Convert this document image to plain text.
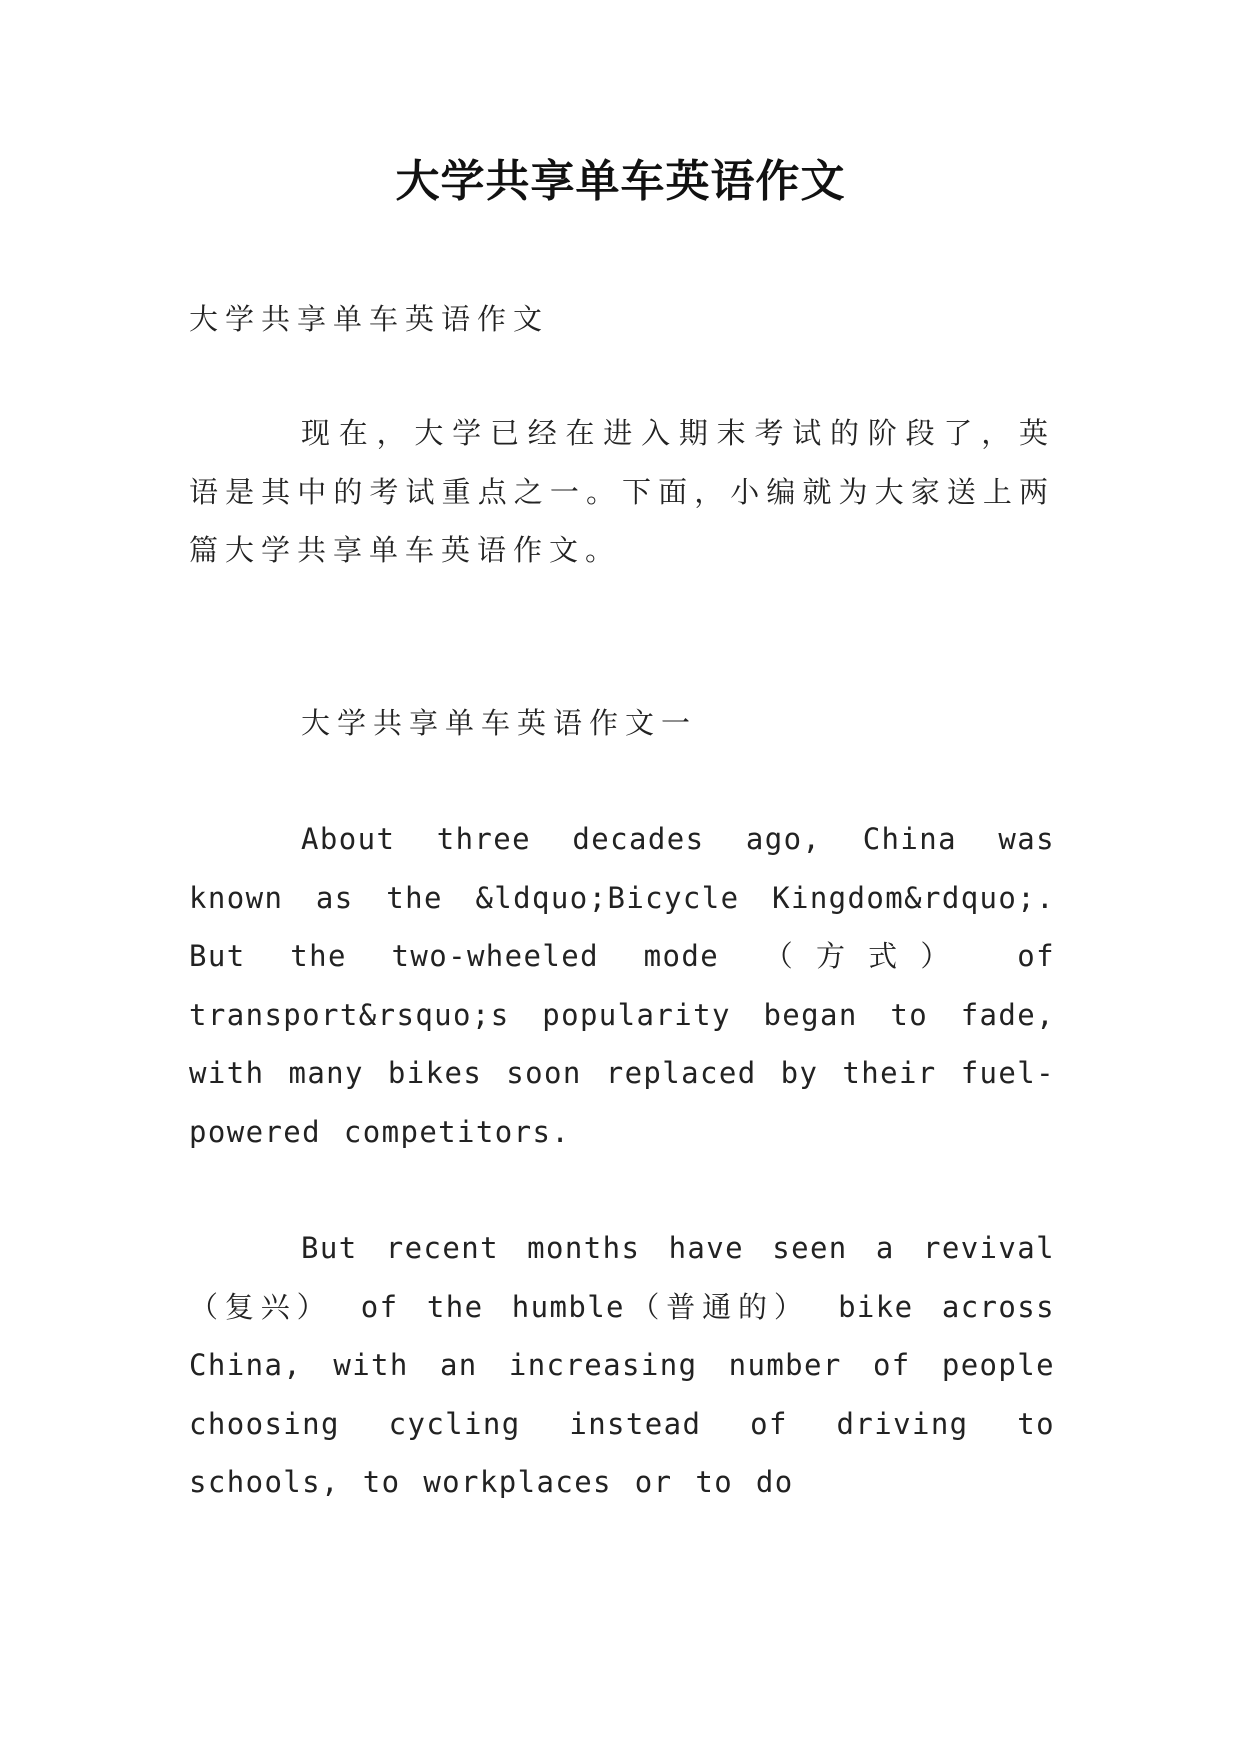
大学共享单车英语作文
大学共享单车英语作文

现在，大学已经在进入期末考试的阶段了，英语是其中的考试重点之一。下面，小编就为大家送上两篇大学共享单车英语作文。

大学共享单车英语作文一

About three decades ago, China was known as the &ldquo;Bicycle Kingdom&rdquo;. But the two-wheeled mode （方式） of transport&rsquo;s popularity began to fade, with many bikes soon replaced by their fuel-powered competitors.

But recent months have seen a revival（复兴） of the humble（普通的） bike across China, with an increasing number of people choosing cycling instead of driving to schools, to workplaces or to do
